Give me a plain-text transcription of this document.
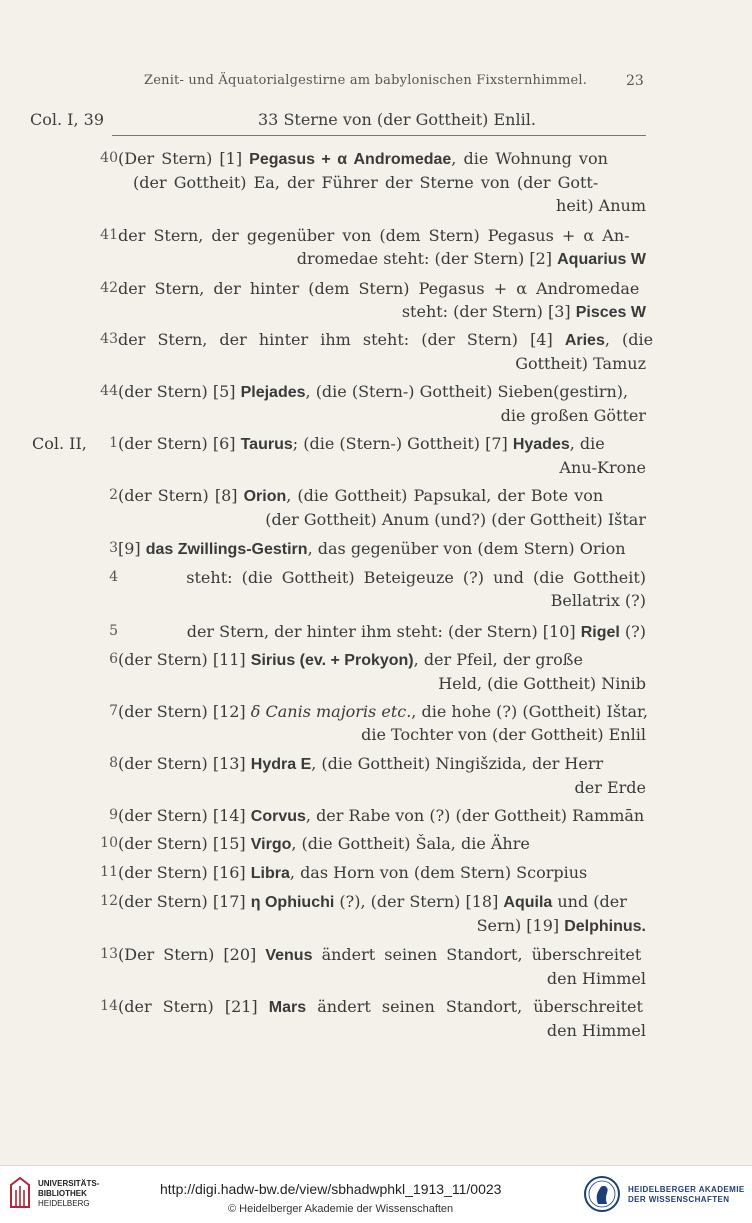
Zenit- und Äquatorialgestirne am babylonischen Fixsternhimmel.	23
Col. I, 39	33 Sterne von (der Gottheit) Enlil.
40 (Der Stern) [1] Pegasus + α Andromedae, die Wohnung von
(der Gottheit) Ea, der Führer der Sterne von (der Gott-
heit) Anum
41 der Stern, der gegenüber von (dem Stern) Pegasus + α An-
dromedae steht: (der Stern) [2] Aquarius W
42 der Stern, der hinter (dem Stern) Pegasus + α Andromedae
steht: (der Stern) [3] Pisces W
43 der Stern, der hinter ihm steht: (der Stern) [4] Aries, (die
Gottheit) Tamuz
44 (der Stern) [5] Plejades, (die (Stern-) Gottheit) Sieben(gestirn),
die großen Götter
Col. II,	1 (der Stern) [6] Taurus; (die (Stern-) Gottheit) [7] Hyades, die
Anu-Krone
2 (der Stern) [8] Orion, (die Gottheit) Papsukal, der Bote von
(der Gottheit) Anum (und?) (der Gottheit) Ištar
3 [9] das Zwillings-Gestirn, das gegenüber von (dem Stern) Orion
4	steht: (die Gottheit) Beteigeuze (?) und (die Gottheit)
Bellatrix (?)
5	der Stern, der hinter ihm steht: (der Stern) [10] Rigel (?)
6 (der Stern) [11] Sirius (ev. + Prokyon), der Pfeil, der große
Held, (die Gottheit) Ninib
7 (der Stern) [12] δ Canis majoris etc., die hohe (?) (Gottheit) Ištar,
die Tochter von (der Gottheit) Enlil
8 (der Stern) [13] Hydra E, (die Gottheit) Ningišzida, der Herr
der Erde
9 (der Stern) [14] Corvus, der Rabe von (?) (der Gottheit) Rammān
10 (der Stern) [15] Virgo, (die Gottheit) Šala, die Ähre
11 (der Stern) [16] Libra, das Horn von (dem Stern) Scorpius
12 (der Stern) [17] η Ophiuchi (?), (der Stern) [18] Aquila und (der
Sern) [19] Delphinus.
13 (Der Stern) [20] Venus ändert seinen Standort, überschreitet
den Himmel
14 (der Stern) [21] Mars ändert seinen Standort, überschreitet
den Himmel
UNIVERSITÄTS-
BIBLIOTHEK
HEIDELBERG
http://digi.hadw-bw.de/view/sbhadwphkl_1913_11/0023
© Heidelberger Akademie der Wissenschaften
HEIDELBERGER AKADEMIE
DER WISSENSCHAFTEN
